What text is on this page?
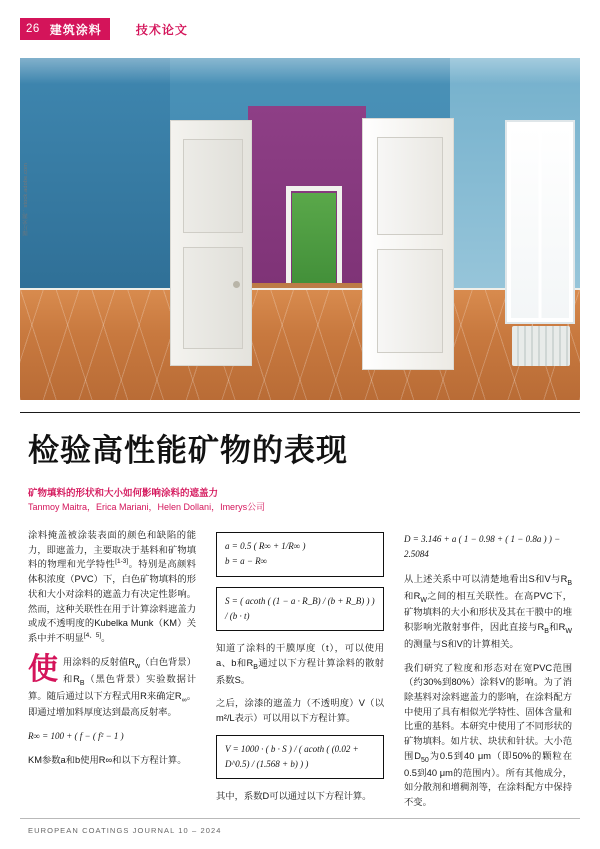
26 建筑涂料	技术论文
图片来源：stock.adobe.com
检验高性能矿物的表现
矿物填料的形状和大小如何影响涂料的遮盖力
Tanmoy Maitra，Erica Mariani，Helen Dollani，Imerys公司

涂料掩盖被涂装表面的颜色和缺陷的能力，即遮盖力，主要取决于基料和矿物填料的物理和光学特性[1-3]。特别是高颜料体积浓度（PVC）下，白色矿物填料的形状和大小对涂料的遮盖力有决定性影响。然而，这种关联性在用于计算涂料遮盖力或成不透明度的Kubelka Munk（KM）关系中并不明显[4、5]。

使用涂料的反射值$R_w$（白色背景）和$R_B$（黑色背景）实验数据计算。随后通过以下方程式用R来确定$R_\infty$。即通过增加料厚度达到最高反射率。

R∞ = 100 + ( f − ( f² − 1 )

KM参数a和b使用R∞和以下方程计算。

a = 0.5 ( R∞ + 1/R∞ )
b = a − R∞
S = ( acoth ( (1 − a · R_B) / (b + R_B) ) ) / (b · t)

知道了涂料的干膜厚度（t），可以使用a、b和$R_B$通过以下方程计算涂料的散射系数S。

之后，涂漆的遮盖力（不透明度）V（以m²/L表示）可以用以下方程计算。

V = 1000 · ( b · S ) / ( acoth ( (0.02 + D^0.5) / (1.568 + b) ) )

其中，系数D可以通过以下方程计算。

D = 3.146 + a ( 1 − 0.98 + ( 1 − 0.8a ) ) − 2.5084

从上述关系中可以清楚地看出S和V与$R_B$和$R_W$之间的相互关联性。在高PVC下，矿物填料的大小和形状及其在干膜中的堆积影响光散射事件，因此直接与$R_B$和$R_W$的测量与S和V的计算相关。

我们研究了粒度和形态对在宽PVC范围（约30%到80%）涂料V的影响。为了消除基料对涂料遮盖力的影响，在涂料配方中使用了具有相似光学特性、固体含量和比重的基料。本研究中使用了不同形状的矿物填料。如片状、块状和针状。大小范围$D_{50}$为0.5到40 μm（即50%的颗粒在0.5到40 μm的范围内）。所有其他成分，如分散剂和增稠剂等，在涂料配方中保持不变。

EUROPEAN COATINGS JOURNAL 10 – 2024
